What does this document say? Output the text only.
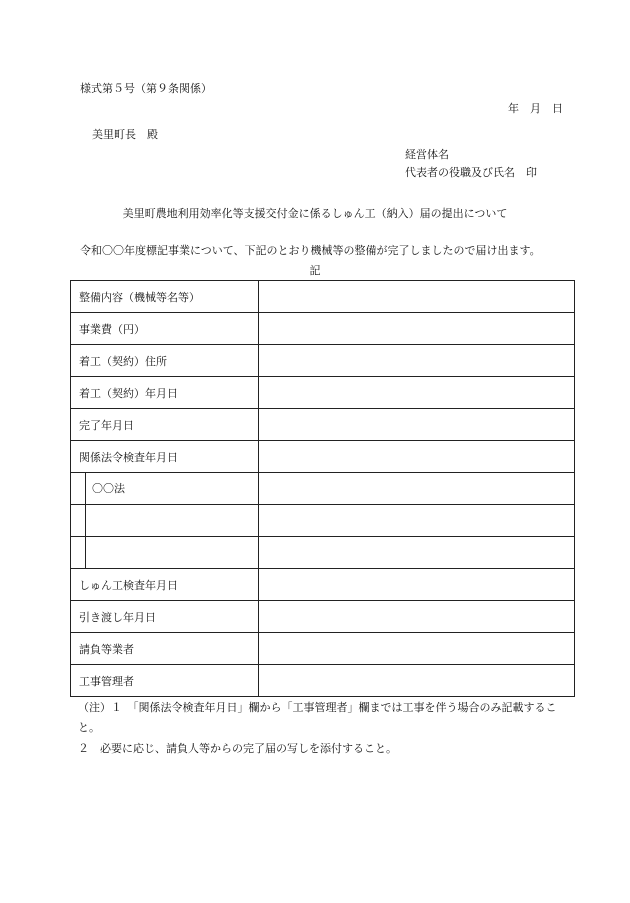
様式第５号（第９条関係）
年　月　日
美里町長　殿
経営体名
代表者の役職及び氏名　印
美里町農地利用効率化等支援交付金に係るしゅん工（納入）届の提出について
令和〇〇年度標記事業について、下記のとおり機械等の整備が完了しましたので届け出ます。
記
整備内容（機械等名等）	
事業費（円）	
着工（契約）住所	
着工（契約）年月日	
完了年月日	
関係法令検査年月日	

〇〇法	

しゅん工検査年月日	
引き渡し年月日	
請負等業者	
工事管理者	
（注）１　「関係法令検査年月日」欄から「工事管理者」欄までは工事を伴う場合のみ記載すること。
２　必要に応じ、請負人等からの完了届の写しを添付すること。
